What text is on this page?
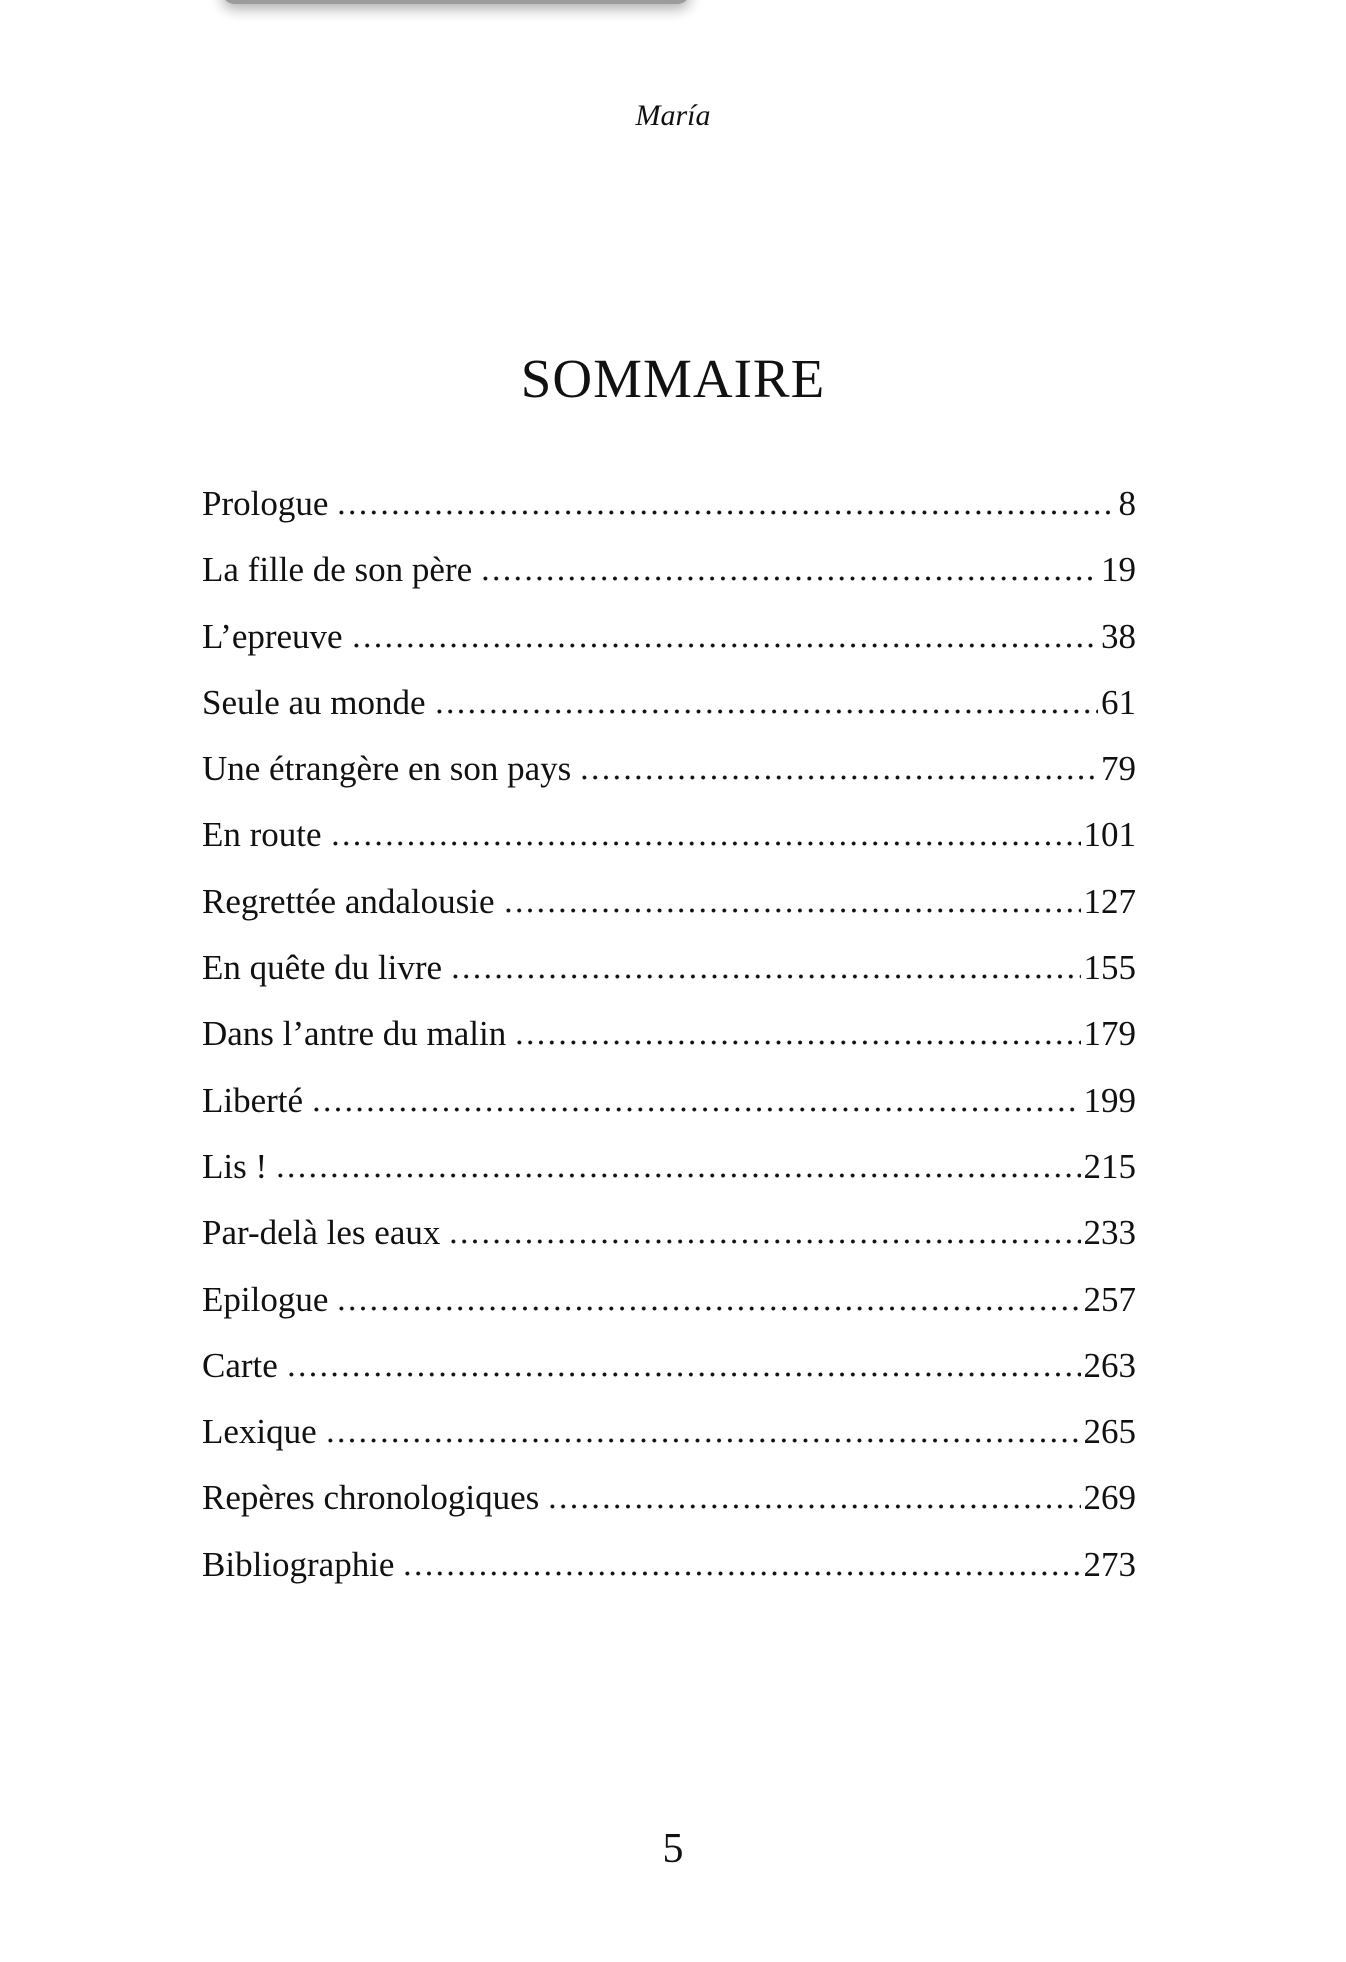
María
SOMMAIRE
Prologue	8
La fille de son père	19
L’epreuve	38
Seule au monde	61
Une étrangère en son pays	79
En route	101
Regrettée andalousie	127
En quête du livre	155
Dans l’antre du malin	179
Liberté	199
Lis !	215
Par-delà les eaux	233
Epilogue	257
Carte	263
Lexique	265
Repères chronologiques	269
Bibliographie	273
5
